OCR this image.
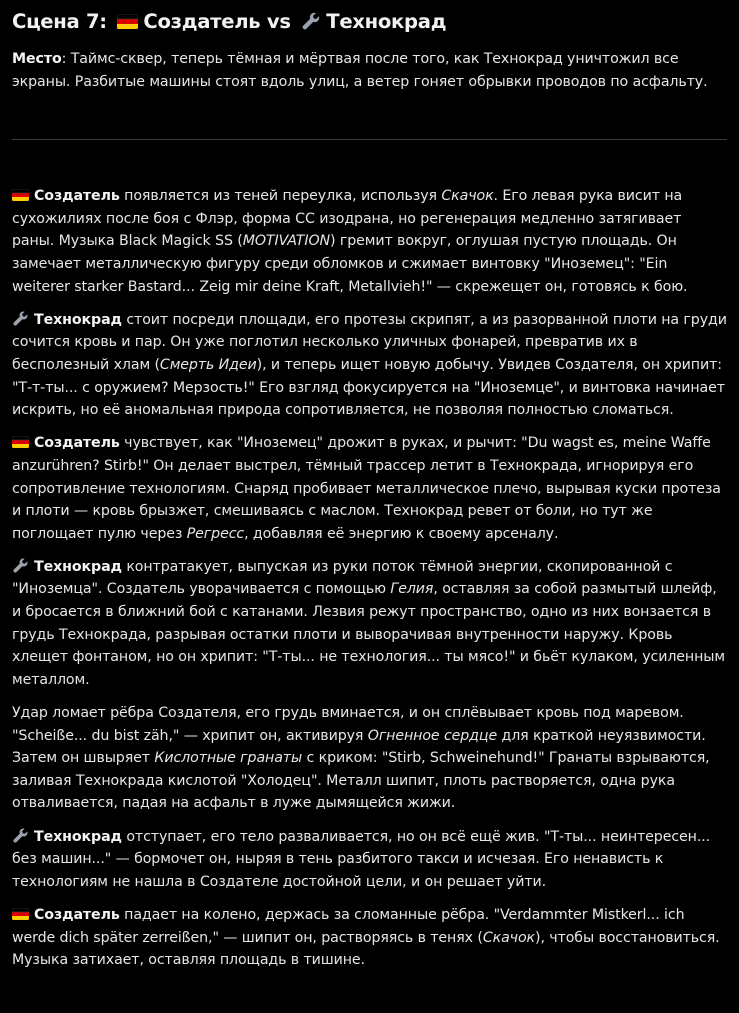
Сцена 7: Создатель vs Технокрад

Место: Таймс-сквер, теперь тёмная и мёртвая после того, как Технокрад уничтожил все экраны. Разбитые машины стоят вдоль улиц, а ветер гоняет обрывки проводов по асфальту.

Создатель появляется из теней переулка, используя Скачок. Его левая рука висит на сухожилиях после боя с Флэр, форма СС изодрана, но регенерация медленно затягивает раны. Музыка Black Magick SS (MOTIVATION) гремит вокруг, оглушая пустую площадь. Он замечает металлическую фигуру среди обломков и сжимает винтовку "Иноземец": "Ein weiterer starker Bastard... Zeig mir deine Kraft, Metallvieh!" — скрежещет он, готовясь к бою.

Технокрад стоит посреди площади, его протезы скрипят, а из разорванной плоти на груди сочится кровь и пар. Он уже поглотил несколько уличных фонарей, превратив их в бесполезный хлам (Смерть Идеи), и теперь ищет новую добычу. Увидев Создателя, он хрипит: "Т-т-ты... с оружием? Мерзость!" Его взгляд фокусируется на "Иноземце", и винтовка начинает искрить, но её аномальная природа сопротивляется, не позволяя полностью сломаться.

Создатель чувствует, как "Иноземец" дрожит в руках, и рычит: "Du wagst es, meine Waffe anzurühren? Stirb!" Он делает выстрел, тёмный трассер летит в Технокрада, игнорируя его сопротивление технологиям. Снаряд пробивает металлическое плечо, вырывая куски протеза и плоти — кровь брызжет, смешиваясь с маслом. Технокрад ревет от боли, но тут же поглощает пулю через Регресс, добавляя её энергию к своему арсеналу.

Технокрад контратакует, выпуская из руки поток тёмной энергии, скопированной с "Иноземца". Создатель уворачивается с помощью Гелия, оставляя за собой размытый шлейф, и бросается в ближний бой с катанами. Лезвия режут пространство, одно из них вонзается в грудь Технокрада, разрывая остатки плоти и выворачивая внутренности наружу. Кровь хлещет фонтаном, но он хрипит: "Т-ты... не технология... ты мясо!" и бьёт кулаком, усиленным металлом.

Удар ломает рёбра Создателя, его грудь вминается, и он сплёвывает кровь под маревом. "Scheiße... du bist zäh," — хрипит он, активируя Огненное сердце для краткой неуязвимости. Затем он швыряет Кислотные гранаты с криком: "Stirb, Schweinehund!" Гранаты взрываются, заливая Технокрада кислотой "Холодец". Металл шипит, плоть растворяется, одна рука отваливается, падая на асфальт в луже дымящейся жижи.

Технокрад отступает, его тело разваливается, но он всё ещё жив. "Т-ты... неинтересен... без машин..." — бормочет он, ныряя в тень разбитого такси и исчезая. Его ненависть к технологиям не нашла в Создателе достойной цели, и он решает уйти.

Создатель падает на колено, держась за сломанные рёбра. "Verdammter Mistkerl... ich werde dich später zerreißen," — шипит он, растворяясь в тенях (Скачок), чтобы восстановиться. Музыка затихает, оставляя площадь в тишине.
